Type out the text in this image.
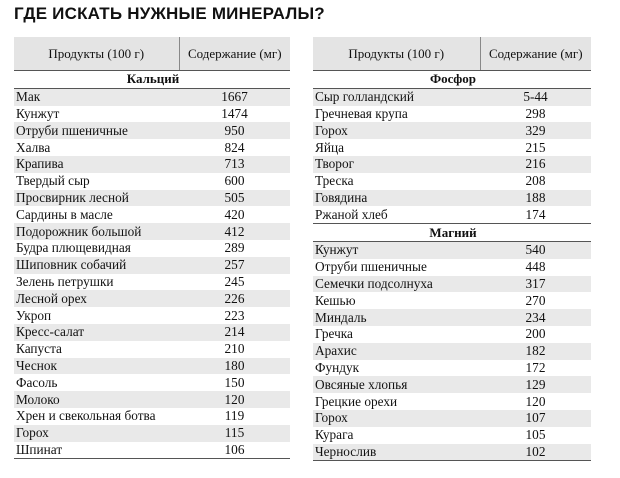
ГДЕ ИСКАТЬ НУЖНЫЕ МИНЕРАЛЫ?
Продукты (100 г)	Содержание (мг)
Кальций	
Мак	1667
Кунжут	1474
Отруби пшеничные	950
Халва	824
Крапива	713
Твердый сыр	600
Просвирник лесной	505
Сардины в масле	420
Подорожник большой	412
Будра плющевидная	289
Шиповник собачий	257
Зелень петрушки	245
Лесной орех	226
Укроп	223
Кресс-салат	214
Капуста	210
Чеснок	180
Фасоль	150
Молоко	120
Хрен и свекольная ботва	119
Горох	115
Шпинат	106
Продукты (100 г)	Содержание (мг)
Фосфор	
Сыр голландский	5-44
Гречневая крупа	298
Горох	329
Яйца	215
Творог	216
Треска	208
Говядина	188
Ржаной хлеб	174
Магний	
Кунжут	540
Отруби пшеничные	448
Семечки подсолнуха	317
Кешью	270
Миндаль	234
Гречка	200
Арахис	182
Фундук	172
Овсяные хлопья	129
Грецкие орехи	120
Горох	107
Курага	105
Чернослив	102
